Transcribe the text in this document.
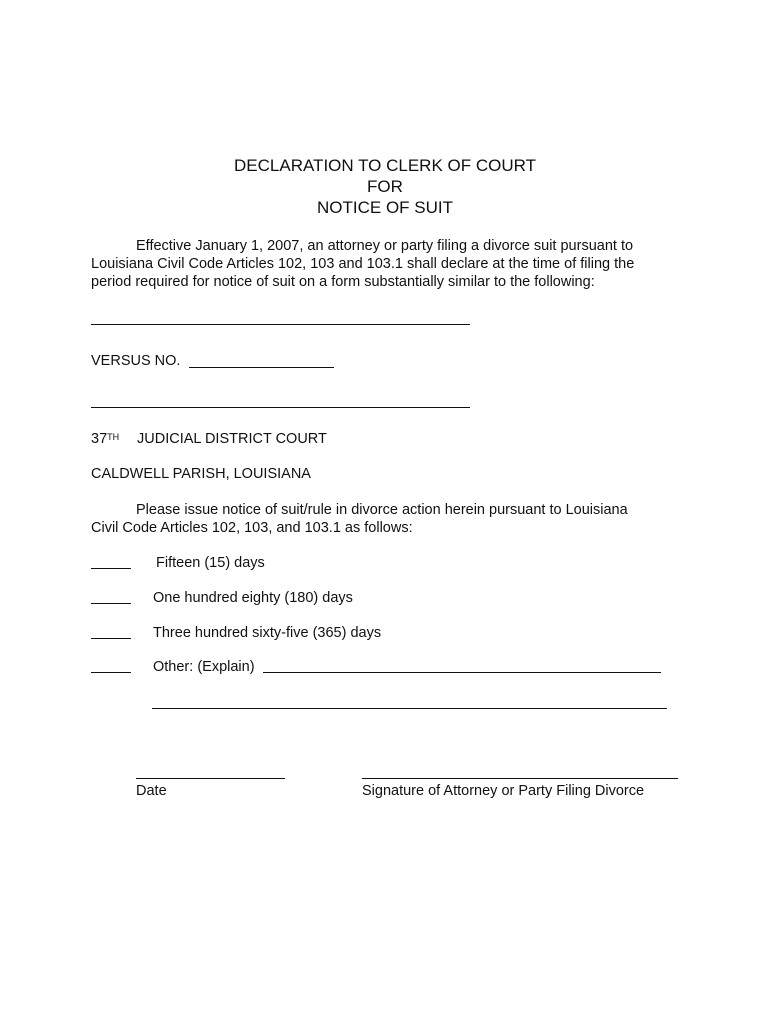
DECLARATION TO CLERK OF COURT
FOR
NOTICE OF SUIT
Effective January 1, 2007, an attorney or party filing a divorce suit pursuant to
Louisiana Civil Code Articles 102, 103 and 103.1 shall declare at the time of filing the
period required for notice of suit on a form substantially similar to the following:
VERSUS NO.
37TH JUDICIAL DISTRICT COURT
CALDWELL PARISH, LOUISIANA
Please issue notice of suit/rule in divorce action herein pursuant to Louisiana
Civil Code Articles 102, 103, and 103.1 as follows:
Fifteen (15) days
One hundred eighty (180) days
Three hundred sixty-five (365) days
Other: (Explain)
Date	Signature of Attorney or Party Filing Divorce
